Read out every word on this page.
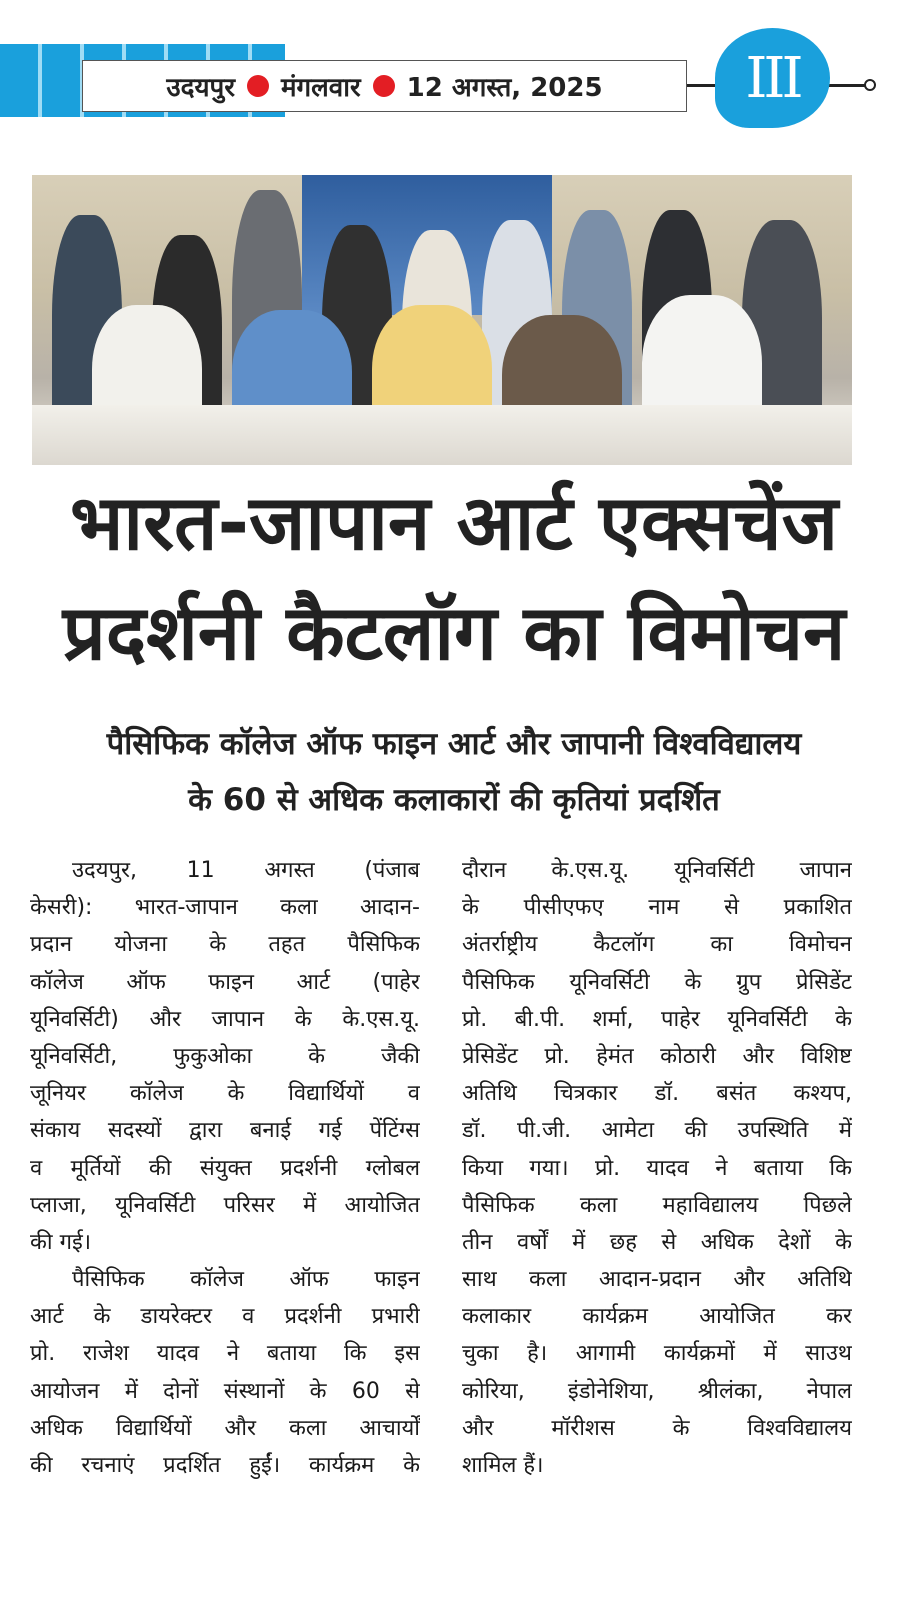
उदयपुर मंगलवार 12 अगस्त, 2025	III
भारत-जापान आर्ट एक्सचेंज
प्रदर्शनी कैटलॉग का विमोचन
पैसिफिक कॉलेज ऑफ फाइन आर्ट और जापानी विश्वविद्यालय
के 60 से अधिक कलाकारों की कृतियां प्रदर्शित
उदयपुर, 11 अगस्त (पंजाब
केसरी): भारत-जापान कला आदान-
प्रदान योजना के तहत पैसिफिक
कॉलेज ऑफ फाइन आर्ट (पाहेर
यूनिवर्सिटी) और जापान के के.एस.यू.
यूनिवर्सिटी, फुकुओका के जैकी
जूनियर कॉलेज के विद्यार्थियों व
संकाय सदस्यों द्वारा बनाई गई पेंटिंग्स
व मूर्तियों की संयुक्त प्रदर्शनी ग्लोबल
प्लाजा, यूनिवर्सिटी परिसर में आयोजित
की गई।
पैसिफिक कॉलेज ऑफ फाइन
आर्ट के डायरेक्टर व प्रदर्शनी प्रभारी
प्रो. राजेश यादव ने बताया कि इस
आयोजन में दोनों संस्थानों के 60 से
अधिक विद्यार्थियों और कला आचार्यों
की रचनाएं प्रदर्शित हुईं। कार्यक्रम के
दौरान के.एस.यू. यूनिवर्सिटी जापान
के पीसीएफए नाम से प्रकाशित
अंतर्राष्ट्रीय कैटलॉग का विमोचन
पैसिफिक यूनिवर्सिटी के ग्रुप प्रेसिडेंट
प्रो. बी.पी. शर्मा, पाहेर यूनिवर्सिटी के
प्रेसिडेंट प्रो. हेमंत कोठारी और विशिष्ट
अतिथि चित्रकार डॉ. बसंत कश्यप,
डॉ. पी.जी. आमेटा की उपस्थिति में
किया गया। प्रो. यादव ने बताया कि
पैसिफिक कला महाविद्यालय पिछले
तीन वर्षों में छह से अधिक देशों के
साथ कला आदान-प्रदान और अतिथि
कलाकार कार्यक्रम आयोजित कर
चुका है। आगामी कार्यक्रमों में साउथ
कोरिया, इंडोनेशिया, श्रीलंका, नेपाल
और मॉरीशस के विश्वविद्यालय
शामिल हैं।
